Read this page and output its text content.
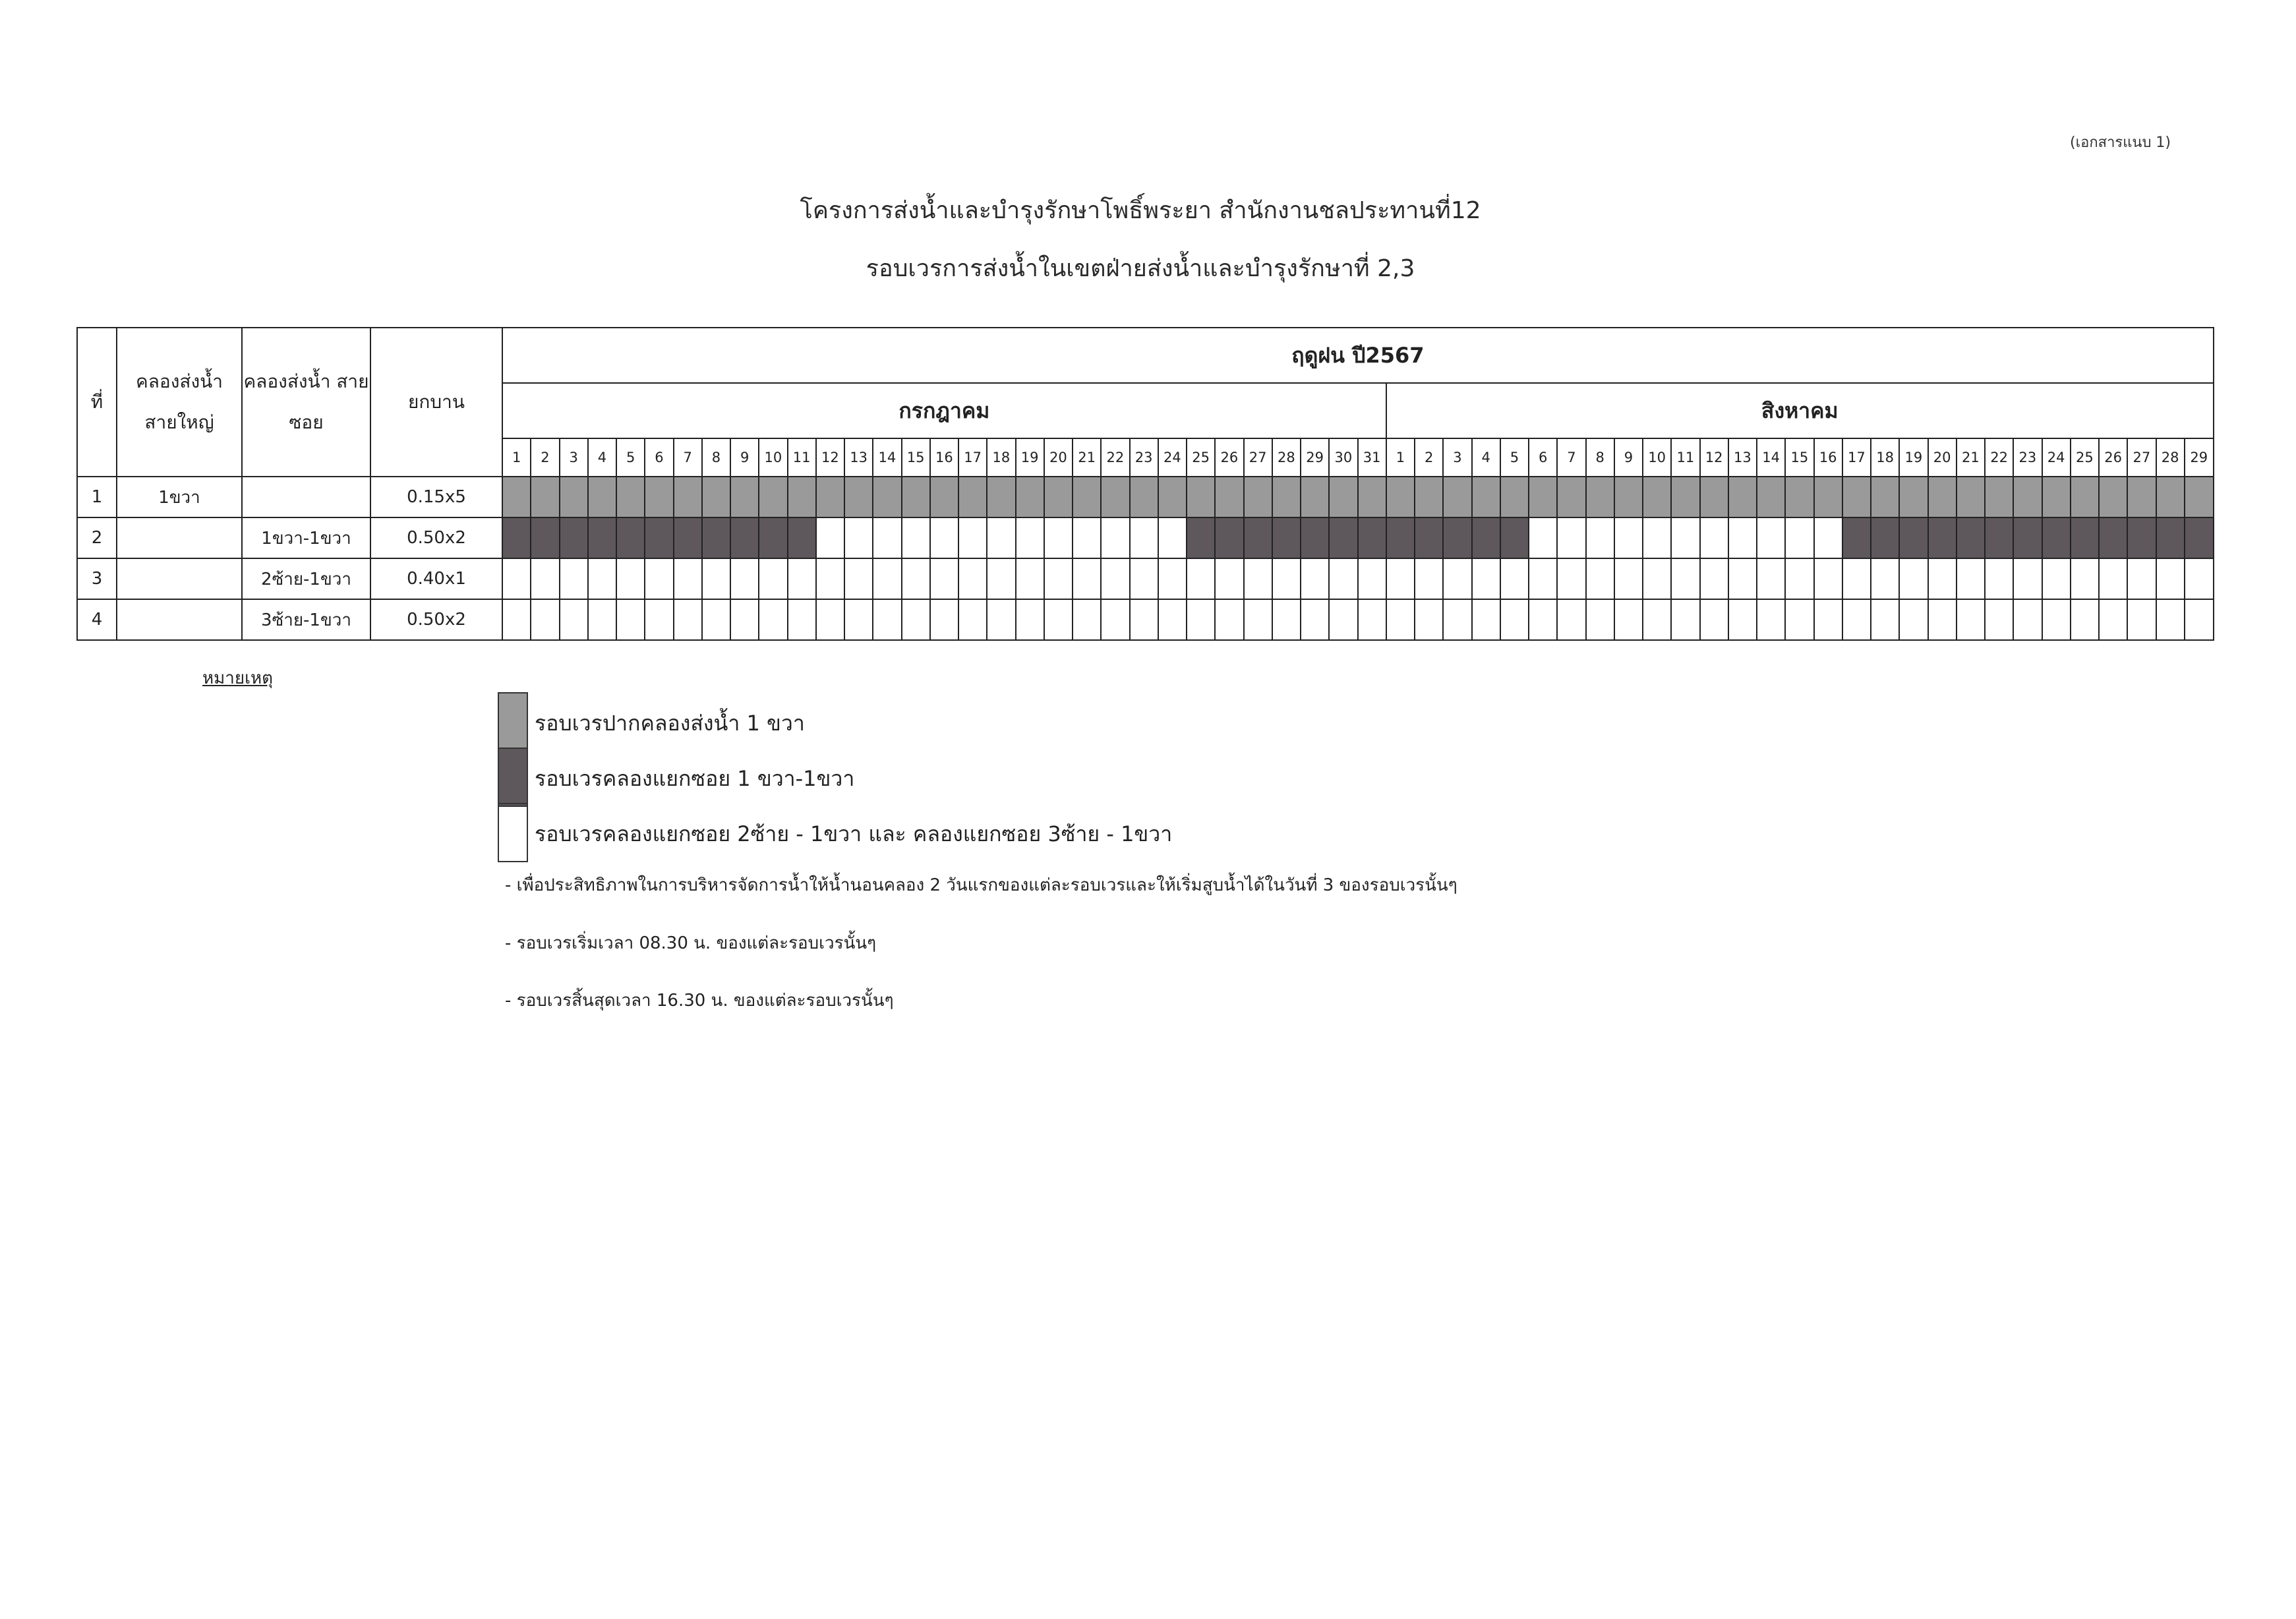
(เอกสารแนบ 1)
โครงการส่งน้ำและบำรุงรักษาโพธิ์พระยา สำนักงานชลประทานที่12
รอบเวรการส่งน้ำในเขตฝ่ายส่งน้ำและบำรุงรักษาที่ 2,3
ที่	คลองส่งน้ำ สายใหญ่	คลองส่งน้ำ สายซอย	ยกบาน	ฤดูฝน ปี2567																																																											
				กรกฎาคม																															สิงหาคม																												
				1	2	3	4	5	6	7	8	9	10	11	12	13	14	15	16	17	18	19	20	21	22	23	24	25	26	27	28	29	30	31	1	2	3	4	5	6	7	8	9	10	11	12	13	14	15	16	17	18	19	20	21	22	23	24	25	26	27	28	29
1	1ขวา		0.15x5																																																												
2		1ขวา-1ขวา	0.50x2																																																												
3		2ซ้าย-1ขวา	0.40x1																																																												
4		3ซ้าย-1ขวา	0.50x2																																																												
หมายเหตุ
รอบเวรปากคลองส่งน้ำ 1 ขวา
รอบเวรคลองแยกซอย 1 ขวา-1ขวา
รอบเวรคลองแยกซอย 2ซ้าย - 1ขวา และ คลองแยกซอย 3ซ้าย - 1ขวา
- เพื่อประสิทธิภาพในการบริหารจัดการน้ำให้น้ำนอนคลอง 2 วันแรกของแต่ละรอบเวรและให้เริ่มสูบน้ำได้ในวันที่ 3 ของรอบเวรนั้นๆ
- รอบเวรเริ่มเวลา 08.30 น. ของแต่ละรอบเวรนั้นๆ
- รอบเวรสิ้นสุดเวลา 16.30 น. ของแต่ละรอบเวรนั้นๆ
